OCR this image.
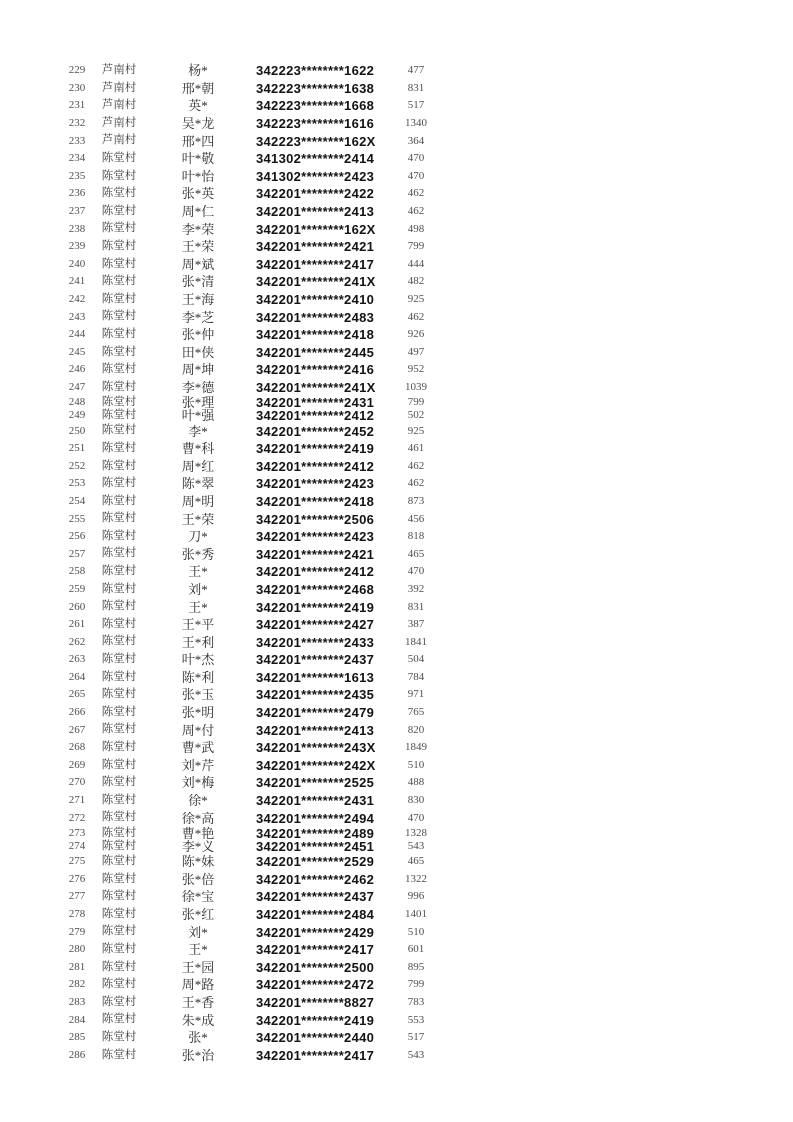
	229	芦南村	杨*	342223********1622	477
	230	芦南村	邢*朝	342223********1638	831
	231	芦南村	英*	342223********1668	517
	232	芦南村	吴*龙	342223********1616	1340
	233	芦南村	邢*四	342223********162X	364
	234	陈堂村	叶*敬	341302********2414	470
	235	陈堂村	叶*怡	341302********2423	470
	236	陈堂村	张*英	342201********2422	462
	237	陈堂村	周*仁	342201********2413	462
	238	陈堂村	李*荣	342201********162X	498
	239	陈堂村	王*荣	342201********2421	799
	240	陈堂村	周*斌	342201********2417	444
	241	陈堂村	张*清	342201********241X	482
	242	陈堂村	王*海	342201********2410	925
	243	陈堂村	李*芝	342201********2483	462
	244	陈堂村	张*仲	342201********2418	926
	245	陈堂村	田*侠	342201********2445	497
	246	陈堂村	周*坤	342201********2416	952
	247	陈堂村	李*德	342201********241X	1039
	248	陈堂村	张*理	342201********2431	799
	249	陈堂村	叶*强	342201********2412	502
	250	陈堂村	李*	342201********2452	925
	251	陈堂村	曹*科	342201********2419	461
	252	陈堂村	周*红	342201********2412	462
	253	陈堂村	陈*翠	342201********2423	462
	254	陈堂村	周*明	342201********2418	873
	255	陈堂村	王*荣	342201********2506	456
	256	陈堂村	刀*	342201********2423	818
	257	陈堂村	张*秀	342201********2421	465
	258	陈堂村	王*	342201********2412	470
	259	陈堂村	刘*	342201********2468	392
	260	陈堂村	王*	342201********2419	831
	261	陈堂村	王*平	342201********2427	387
	262	陈堂村	王*利	342201********2433	1841
	263	陈堂村	叶*杰	342201********2437	504
	264	陈堂村	陈*利	342201********1613	784
	265	陈堂村	张*玉	342201********2435	971
	266	陈堂村	张*明	342201********2479	765
	267	陈堂村	周*付	342201********2413	820
	268	陈堂村	曹*武	342201********243X	1849
	269	陈堂村	刘*芹	342201********242X	510
	270	陈堂村	刘*梅	342201********2525	488
	271	陈堂村	徐*	342201********2431	830
	272	陈堂村	徐*高	342201********2494	470
	273	陈堂村	曹*艳	342201********2489	1328
	274	陈堂村	李*义	342201********2451	543
	275	陈堂村	陈*妹	342201********2529	465
	276	陈堂村	张*倍	342201********2462	1322
	277	陈堂村	徐*宝	342201********2437	996
	278	陈堂村	张*红	342201********2484	1401
	279	陈堂村	刘*	342201********2429	510
	280	陈堂村	王*	342201********2417	601
	281	陈堂村	王*园	342201********2500	895
	282	陈堂村	周*路	342201********2472	799
	283	陈堂村	王*香	342201********8827	783
	284	陈堂村	朱*成	342201********2419	553
	285	陈堂村	张*	342201********2440	517
	286	陈堂村	张*治	342201********2417	543
